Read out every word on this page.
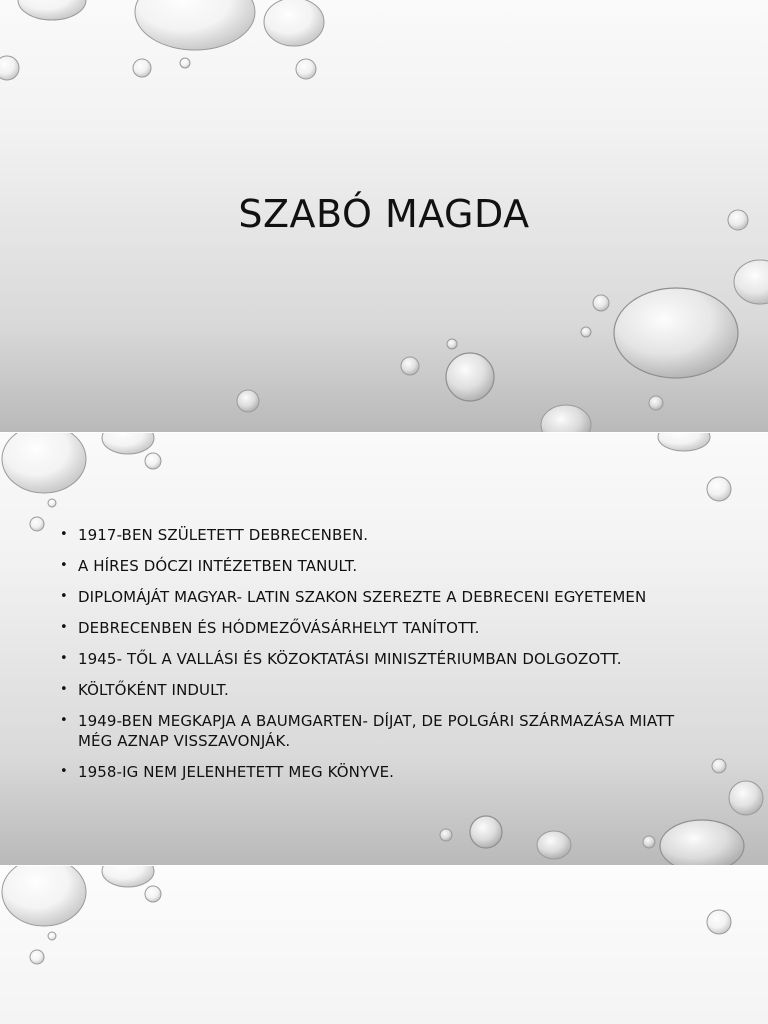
SZABÓ MAGDA
• 1917-BEN SZÜLETETT DEBRECENBEN.
• A HÍRES DÓCZI INTÉZETBEN TANULT.
• DIPLOMÁJÁT MAGYAR- LATIN SZAKON SZEREZTE A DEBRECENI EGYETEMEN
• DEBRECENBEN ÉS HÓDMEZŐVÁSÁRHELYT TANÍTOTT.
• 1945- TŐL A VALLÁSI ÉS KÖZOKTATÁSI MINISZTÉRIUMBAN DOLGOZOTT.
• KÖLTŐKÉNT INDULT.
• 1949-BEN MEGKAPJA A BAUMGARTEN- DÍJAT, DE POLGÁRI SZÁRMAZÁSA MIATT MÉG AZNAP VISSZAVONJÁK.
• 1958-IG NEM JELENHETETT MEG KÖNYVE.
